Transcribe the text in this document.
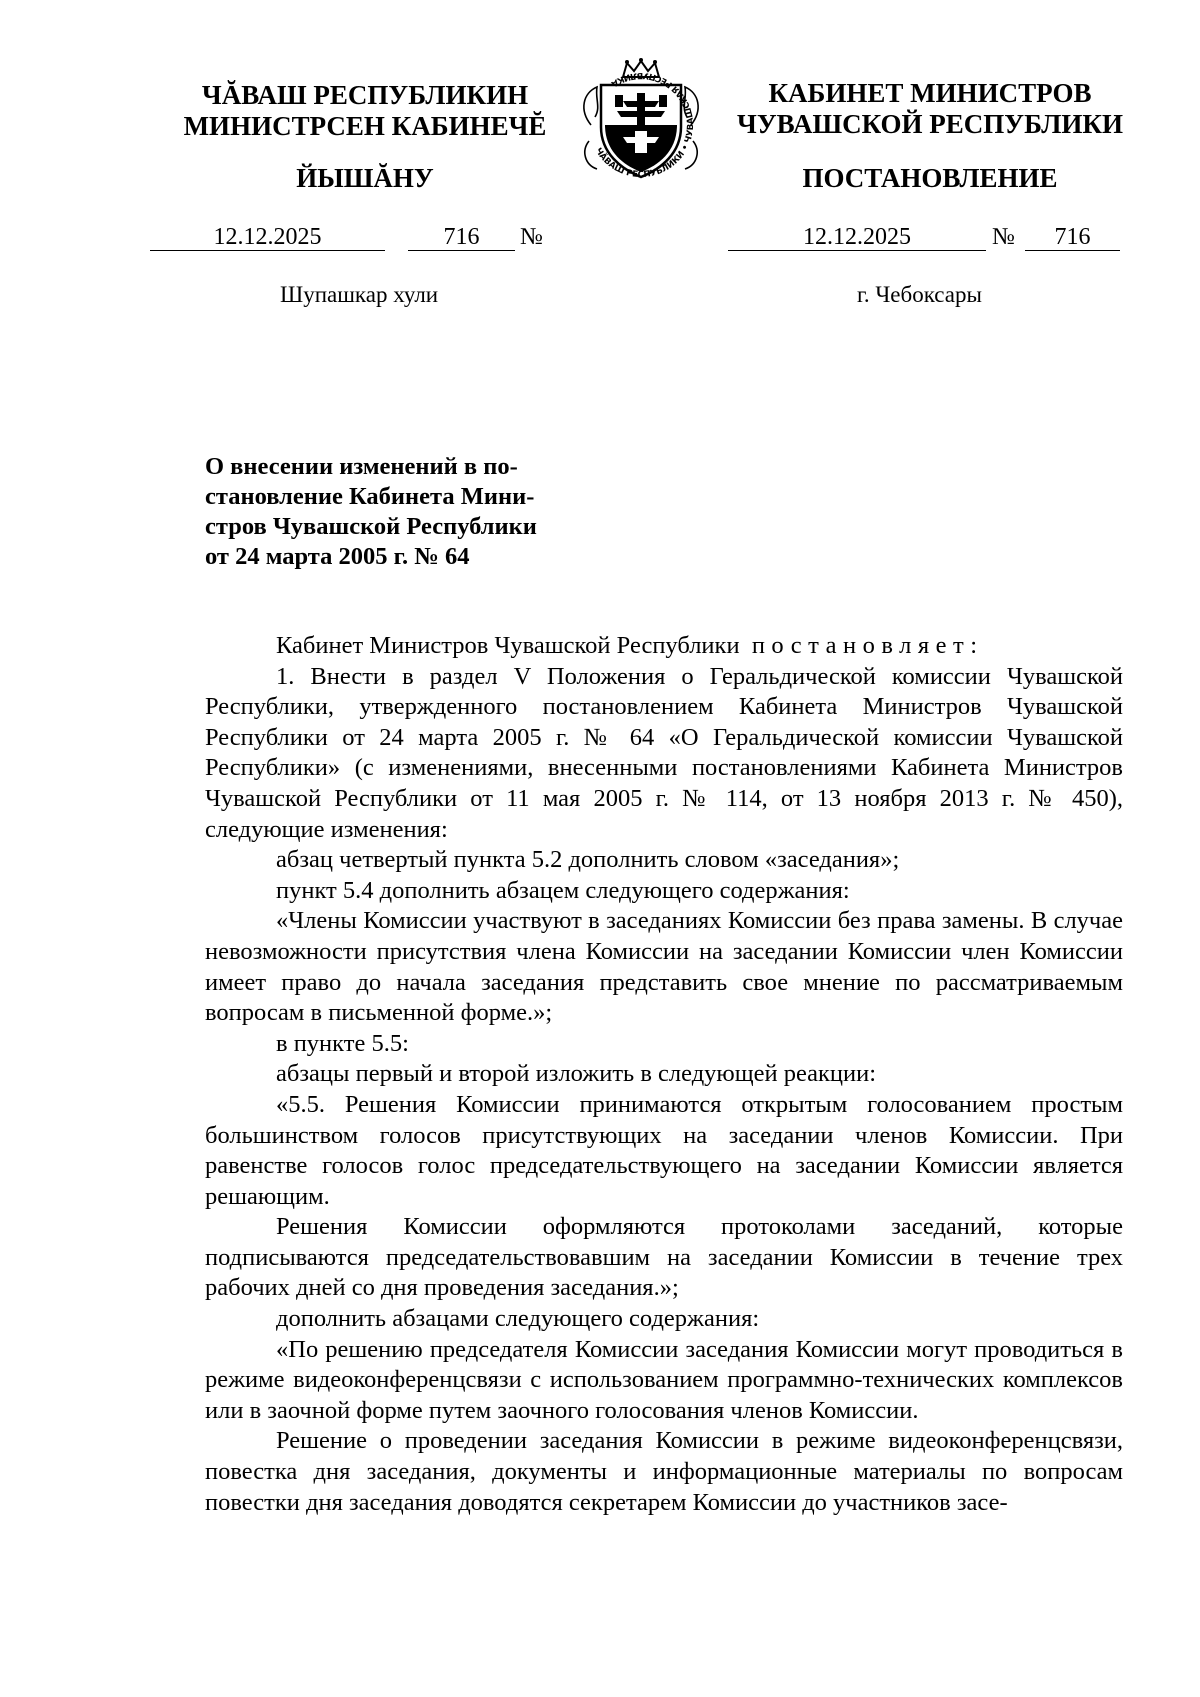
ЧĂВАШ РЕСПУБЛИКИН
МИНИСТРСЕН КАБИНЕЧĔ
ЙЫШĂНУ
ЧĂВАШ РЕСПУБЛИКИ • ЧУВАШСКАЯ РЕСПУБЛИКА	КАБИНЕТ МИНИСТРОВ
ЧУВАШСКОЙ РЕСПУБЛИКИ
ПОСТАНОВЛЕНИЕ
12.12.2025	716	№	12.12.2025	№	716
Шупашкар хули	г. Чебоксары
О внесении изменений в по-
становление Кабинета Мини-
стров Чувашской Республики
от 24 марта 2005 г. № 64

Кабинет Министров Чувашской Республики постановляет:

1. Внести в раздел V Положения о Геральдической комиссии Чувашской Республики, утвержденного постановлением Кабинета Министров Чувашской Республики от 24 марта 2005 г. № 64 «О Геральдической комиссии Чувашской Республики» (с изменениями, внесенными постановлениями Кабинета Министров Чувашской Республики от 11 мая 2005 г. № 114, от 13 ноября 2013 г. № 450), следующие изменения:

абзац четвертый пункта 5.2 дополнить словом «заседания»;

пункт 5.4 дополнить абзацем следующего содержания:

«Члены Комиссии участвуют в заседаниях Комиссии без права замены. В случае невозможности присутствия члена Комиссии на заседании Комиссии член Комиссии имеет право до начала заседания представить свое мнение по рассматриваемым вопросам в письменной форме.»;

в пункте 5.5:

абзацы первый и второй изложить в следующей реакции:

«5.5. Решения Комиссии принимаются открытым голосованием простым большинством голосов присутствующих на заседании членов Комиссии. При равенстве голосов голос председательствующего на заседании Комиссии является решающим.

Решения Комиссии оформляются протоколами заседаний, которые подписываются председательствовавшим на заседании Комиссии в течение трех рабочих дней со дня проведения заседания.»;

дополнить абзацами следующего содержания:

«По решению председателя Комиссии заседания Комиссии могут проводиться в режиме видеоконференцсвязи с использованием программно-технических комплексов или в заочной форме путем заочного голосования членов Комиссии.

Решение о проведении заседания Комиссии в режиме видеоконференцсвязи, повестка дня заседания, документы и информационные материалы по вопросам повестки дня заседания доводятся секретарем Комиссии до участников засе-
